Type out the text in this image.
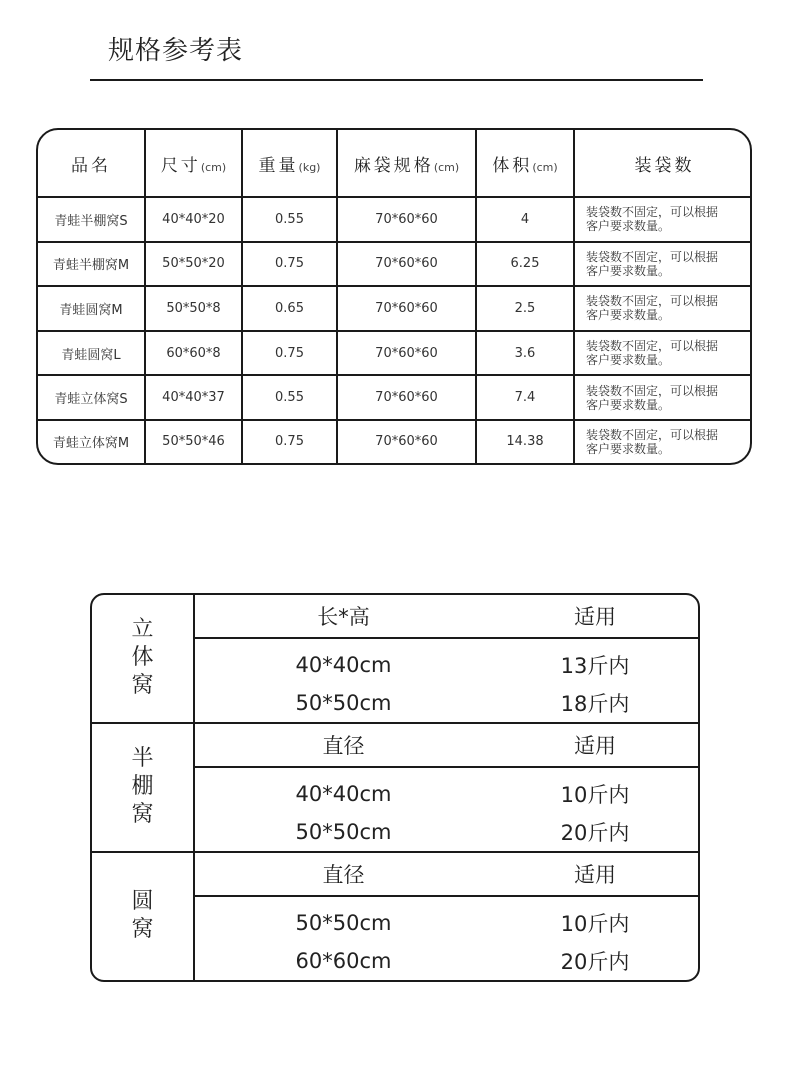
规格参考表
品名	尺寸(cm)	重量(kg)	麻袋规格(cm)	体积(cm)	装袋数
青蛙半棚窝S	40*40*20	0.55	70*60*60	4	装袋数不固定，可以根据
客户要求数量。

青蛙半棚窝M	50*50*20	0.75	70*60*60	6.25	装袋数不固定，可以根据
客户要求数量。

青蛙圆窝M	50*50*8	0.65	70*60*60	2.5	装袋数不固定，可以根据
客户要求数量。

青蛙圆窝L	60*60*8	0.75	70*60*60	3.6	装袋数不固定，可以根据
客户要求数量。

青蛙立体窝S	40*40*37	0.55	70*60*60	7.4	装袋数不固定，可以根据
客户要求数量。

青蛙立体窝M	50*50*46	0.75	70*60*60	14.38	装袋数不固定，可以根据
客户要求数量。
立
体
窝	长*高	适用
	40*40cm	13斤内
	50*50cm	18斤内

半
棚
窝	直径	适用
	40*40cm	10斤内
	50*50cm	20斤内

圆
窝	直径	适用
	50*50cm	10斤内
	60*60cm	20斤内
